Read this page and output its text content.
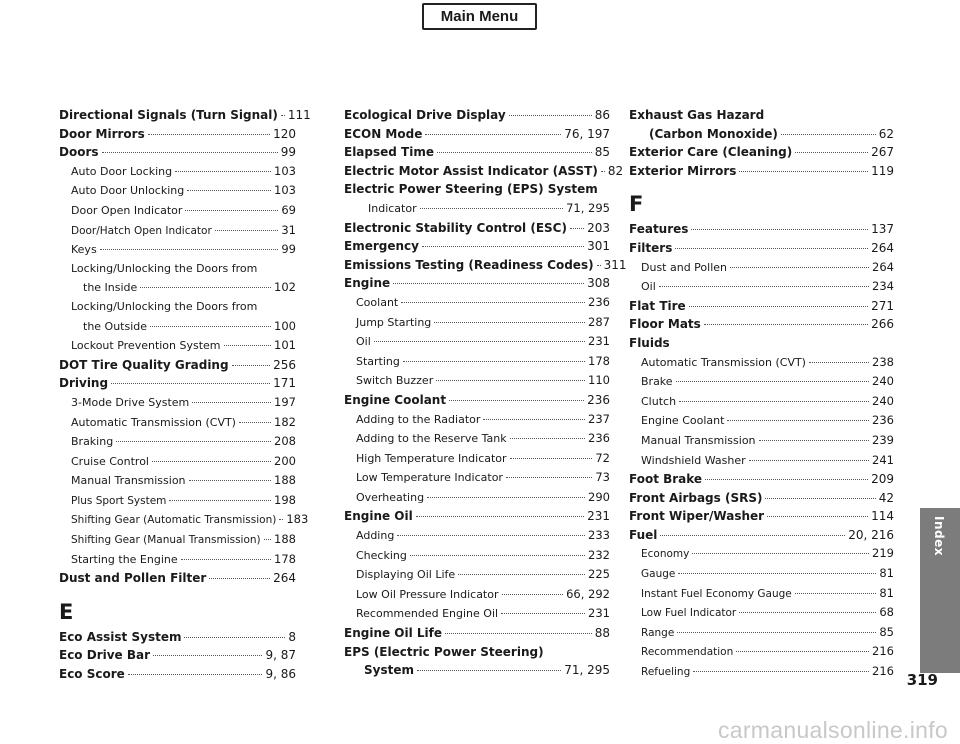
Main Menu
Directional Signals (Turn Signal) 111
Door Mirrors	120
Doors	99
Auto Door Locking	103
Auto Door Unlocking	103
Door Open Indicator	69
Door/Hatch Open Indicator	31
Keys	99
Locking/Unlocking the Doors from
the Inside	102
Locking/Unlocking the Doors from
the Outside	100
Lockout Prevention System	101
DOT Tire Quality Grading	256
Driving	171
3-Mode Drive System	197
Automatic Transmission (CVT)	182
Braking	208
Cruise Control	200
Manual Transmission	188
Plus Sport System	198
Shifting Gear (Automatic Transmission) 183
Shifting Gear (Manual Transmission) 188
Starting the Engine	178
Dust and Pollen Filter	264
E
Eco Assist System	8
Eco Drive Bar	9, 87
Eco Score	9, 86
Ecological Drive Display	86
ECON Mode	76, 197
Elapsed Time	85
Electric Motor Assist Indicator (ASST) 82
Electric Power Steering (EPS) System
Indicator	71, 295
Electronic Stability Control (ESC) 203
Emergency	301
Emissions Testing (Readiness Codes) 311
Engine	308
Coolant	236
Jump Starting	287
Oil	231
Starting	178
Switch Buzzer	110
Engine Coolant	236
Adding to the Radiator	237
Adding to the Reserve Tank	236
High Temperature Indicator	72
Low Temperature Indicator	73
Overheating	290
Engine Oil	231
Adding	233
Checking	232
Displaying Oil Life	225
Low Oil Pressure Indicator	66, 292
Recommended Engine Oil	231
Engine Oil Life	88
EPS (Electric Power Steering)
System	71, 295
Exhaust Gas Hazard
(Carbon Monoxide)	62
Exterior Care (Cleaning)	267
Exterior Mirrors	119
F
Features	137
Filters	264
Dust and Pollen	264
Oil	234
Flat Tire	271
Floor Mats	266
Fluids
Automatic Transmission (CVT)	238
Brake	240
Clutch	240
Engine Coolant	236
Manual Transmission	239
Windshield Washer	241
Foot Brake	209
Front Airbags (SRS)	42
Front Wiper/Washer	114
Fuel	20, 216
Economy	219
Gauge	81
Instant Fuel Economy Gauge	81
Low Fuel Indicator	68
Range	85
Recommendation	216
Refueling	216
Index
319
carmanualsonline.info
